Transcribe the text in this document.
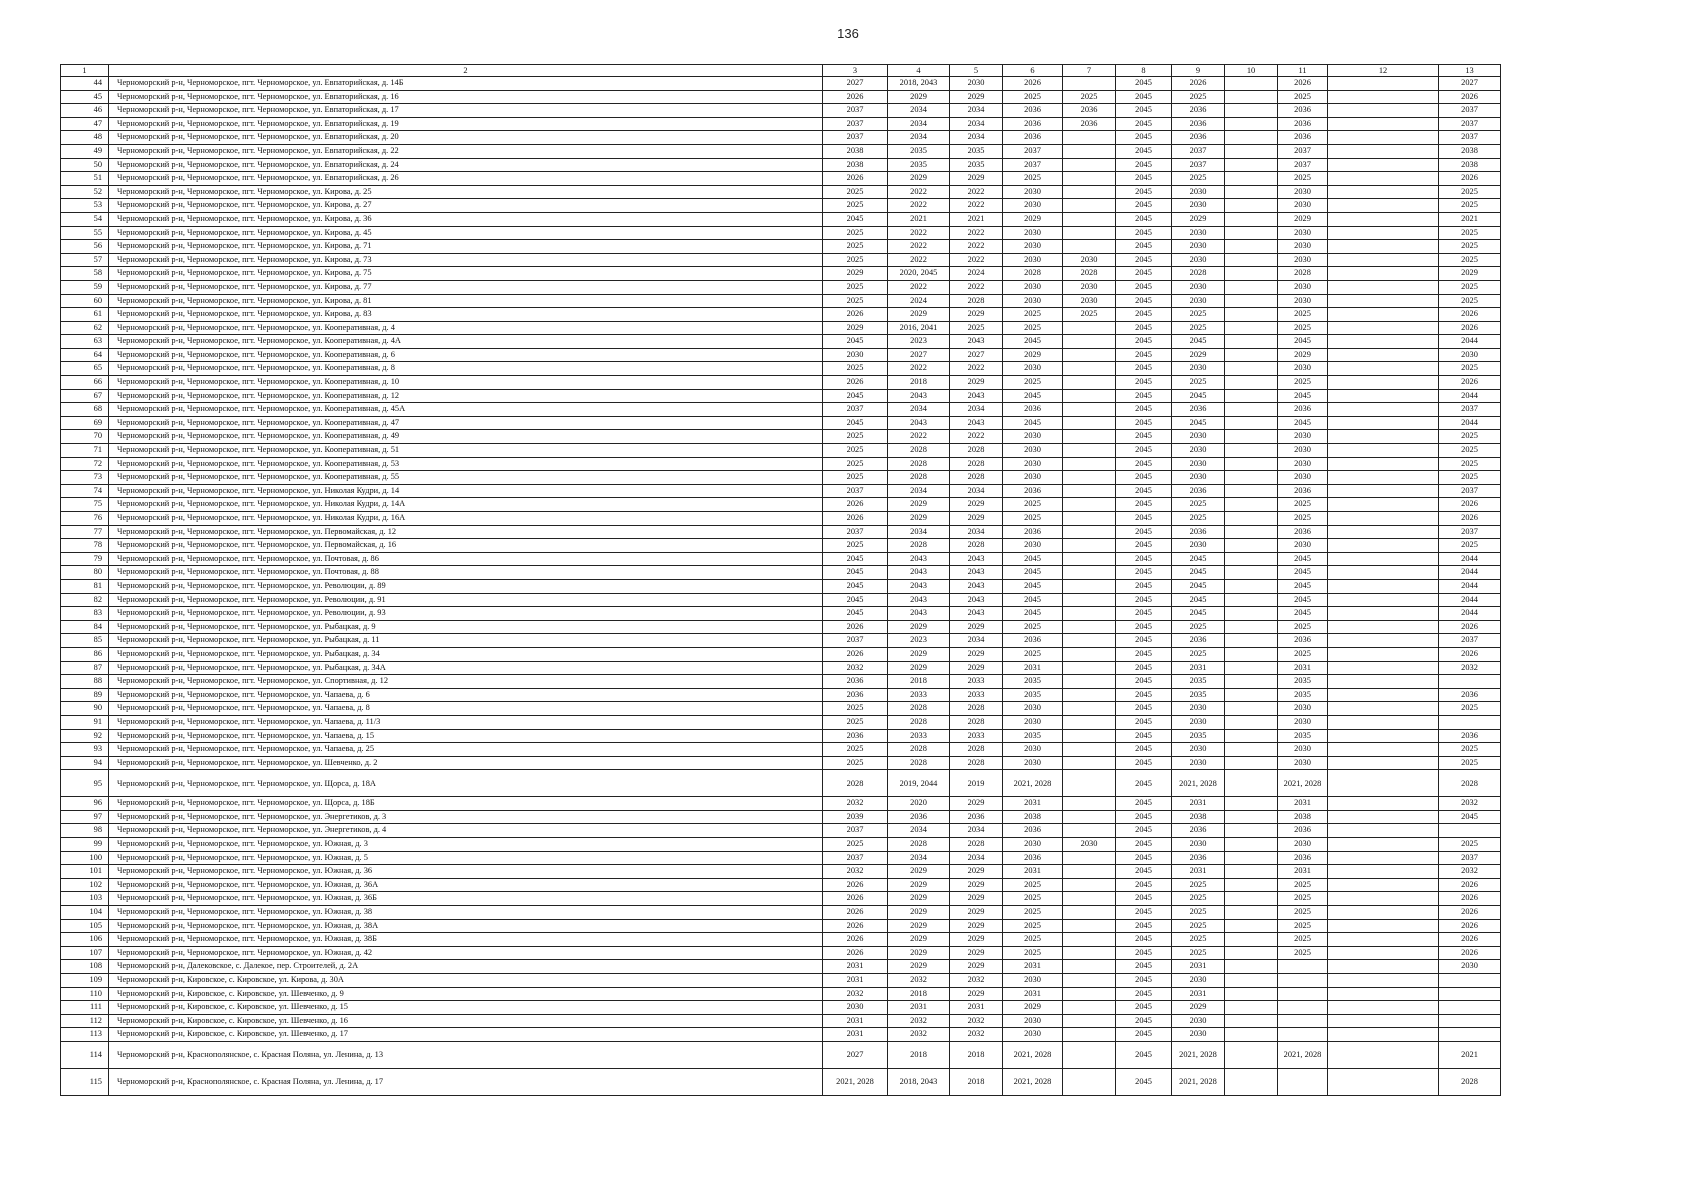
136
1	2	3	4	5	6	7	8	9	10	11	12	13
44	Черноморский р-н, Черноморское, пгт. Черноморское, ул. Евпаторийская, д. 14Б	2027	2018, 2043	2030	2026		2045	2026		2026		2027
45	Черноморский р-н, Черноморское, пгт. Черноморское, ул. Евпаторийская, д. 16	2026	2029	2029	2025	2025	2045	2025		2025		2026
46	Черноморский р-н, Черноморское, пгт. Черноморское, ул. Евпаторийская, д. 17	2037	2034	2034	2036	2036	2045	2036		2036		2037
47	Черноморский р-н, Черноморское, пгт. Черноморское, ул. Евпаторийская, д. 19	2037	2034	2034	2036	2036	2045	2036		2036		2037
48	Черноморский р-н, Черноморское, пгт. Черноморское, ул. Евпаторийская, д. 20	2037	2034	2034	2036		2045	2036		2036		2037
49	Черноморский р-н, Черноморское, пгт. Черноморское, ул. Евпаторийская, д. 22	2038	2035	2035	2037		2045	2037		2037		2038
50	Черноморский р-н, Черноморское, пгт. Черноморское, ул. Евпаторийская, д. 24	2038	2035	2035	2037		2045	2037		2037		2038
51	Черноморский р-н, Черноморское, пгт. Черноморское, ул. Евпаторийская, д. 26	2026	2029	2029	2025		2045	2025		2025		2026
52	Черноморский р-н, Черноморское, пгт. Черноморское, ул. Кирова, д. 25	2025	2022	2022	2030		2045	2030		2030		2025
53	Черноморский р-н, Черноморское, пгт. Черноморское, ул. Кирова, д. 27	2025	2022	2022	2030		2045	2030		2030		2025
54	Черноморский р-н, Черноморское, пгт. Черноморское, ул. Кирова, д. 36	2045	2021	2021	2029		2045	2029		2029		2021
55	Черноморский р-н, Черноморское, пгт. Черноморское, ул. Кирова, д. 45	2025	2022	2022	2030		2045	2030		2030		2025
56	Черноморский р-н, Черноморское, пгт. Черноморское, ул. Кирова, д. 71	2025	2022	2022	2030		2045	2030		2030		2025
57	Черноморский р-н, Черноморское, пгт. Черноморское, ул. Кирова, д. 73	2025	2022	2022	2030	2030	2045	2030		2030		2025
58	Черноморский р-н, Черноморское, пгт. Черноморское, ул. Кирова, д. 75	2029	2020, 2045	2024	2028	2028	2045	2028		2028		2029
59	Черноморский р-н, Черноморское, пгт. Черноморское, ул. Кирова, д. 77	2025	2022	2022	2030	2030	2045	2030		2030		2025
60	Черноморский р-н, Черноморское, пгт. Черноморское, ул. Кирова, д. 81	2025	2024	2028	2030	2030	2045	2030		2030		2025
61	Черноморский р-н, Черноморское, пгт. Черноморское, ул. Кирова, д. 83	2026	2029	2029	2025	2025	2045	2025		2025		2026
62	Черноморский р-н, Черноморское, пгт. Черноморское, ул. Кооперативная, д. 4	2029	2016, 2041	2025	2025		2045	2025		2025		2026
63	Черноморский р-н, Черноморское, пгт. Черноморское, ул. Кооперативная, д. 4А	2045	2023	2043	2045		2045	2045		2045		2044
64	Черноморский р-н, Черноморское, пгт. Черноморское, ул. Кооперативная, д. 6	2030	2027	2027	2029		2045	2029		2029		2030
65	Черноморский р-н, Черноморское, пгт. Черноморское, ул. Кооперативная, д. 8	2025	2022	2022	2030		2045	2030		2030		2025
66	Черноморский р-н, Черноморское, пгт. Черноморское, ул. Кооперативная, д. 10	2026	2018	2029	2025		2045	2025		2025		2026
67	Черноморский р-н, Черноморское, пгт. Черноморское, ул. Кооперативная, д. 12	2045	2043	2043	2045		2045	2045		2045		2044
68	Черноморский р-н, Черноморское, пгт. Черноморское, ул. Кооперативная, д. 45А	2037	2034	2034	2036		2045	2036		2036		2037
69	Черноморский р-н, Черноморское, пгт. Черноморское, ул. Кооперативная, д. 47	2045	2043	2043	2045		2045	2045		2045		2044
70	Черноморский р-н, Черноморское, пгт. Черноморское, ул. Кооперативная, д. 49	2025	2022	2022	2030		2045	2030		2030		2025
71	Черноморский р-н, Черноморское, пгт. Черноморское, ул. Кооперативная, д. 51	2025	2028	2028	2030		2045	2030		2030		2025
72	Черноморский р-н, Черноморское, пгт. Черноморское, ул. Кооперативная, д. 53	2025	2028	2028	2030		2045	2030		2030		2025
73	Черноморский р-н, Черноморское, пгт. Черноморское, ул. Кооперативная, д. 55	2025	2028	2028	2030		2045	2030		2030		2025
74	Черноморский р-н, Черноморское, пгт. Черноморское, ул. Николая Кудри, д. 14	2037	2034	2034	2036		2045	2036		2036		2037
75	Черноморский р-н, Черноморское, пгт. Черноморское, ул. Николая Кудри, д. 14А	2026	2029	2029	2025		2045	2025		2025		2026
76	Черноморский р-н, Черноморское, пгт. Черноморское, ул. Николая Кудри, д. 16А	2026	2029	2029	2025		2045	2025		2025		2026
77	Черноморский р-н, Черноморское, пгт. Черноморское, ул. Первомайская, д. 12	2037	2034	2034	2036		2045	2036		2036		2037
78	Черноморский р-н, Черноморское, пгт. Черноморское, ул. Первомайская, д. 16	2025	2028	2028	2030		2045	2030		2030		2025
79	Черноморский р-н, Черноморское, пгт. Черноморское, ул. Почтовая, д. 86	2045	2043	2043	2045		2045	2045		2045		2044
80	Черноморский р-н, Черноморское, пгт. Черноморское, ул. Почтовая, д. 88	2045	2043	2043	2045		2045	2045		2045		2044
81	Черноморский р-н, Черноморское, пгт. Черноморское, ул. Революции, д. 89	2045	2043	2043	2045		2045	2045		2045		2044
82	Черноморский р-н, Черноморское, пгт. Черноморское, ул. Революции, д. 91	2045	2043	2043	2045		2045	2045		2045		2044
83	Черноморский р-н, Черноморское, пгт. Черноморское, ул. Революции, д. 93	2045	2043	2043	2045		2045	2045		2045		2044
84	Черноморский р-н, Черноморское, пгт. Черноморское, ул. Рыбацкая, д. 9	2026	2029	2029	2025		2045	2025		2025		2026
85	Черноморский р-н, Черноморское, пгт. Черноморское, ул. Рыбацкая, д. 11	2037	2023	2034	2036		2045	2036		2036		2037
86	Черноморский р-н, Черноморское, пгт. Черноморское, ул. Рыбацкая, д. 34	2026	2029	2029	2025		2045	2025		2025		2026
87	Черноморский р-н, Черноморское, пгт. Черноморское, ул. Рыбацкая, д. 34А	2032	2029	2029	2031		2045	2031		2031		2032
88	Черноморский р-н, Черноморское, пгт. Черноморское, ул. Спортивная, д. 12	2036	2018	2033	2035		2045	2035		2035		
89	Черноморский р-н, Черноморское, пгт. Черноморское, ул. Чапаева, д. 6	2036	2033	2033	2035		2045	2035		2035		2036
90	Черноморский р-н, Черноморское, пгт. Черноморское, ул. Чапаева, д. 8	2025	2028	2028	2030		2045	2030		2030		2025
91	Черноморский р-н, Черноморское, пгт. Черноморское, ул. Чапаева, д. 11/3	2025	2028	2028	2030		2045	2030		2030		
92	Черноморский р-н, Черноморское, пгт. Черноморское, ул. Чапаева, д. 15	2036	2033	2033	2035		2045	2035		2035		2036
93	Черноморский р-н, Черноморское, пгт. Черноморское, ул. Чапаева, д. 25	2025	2028	2028	2030		2045	2030		2030		2025
94	Черноморский р-н, Черноморское, пгт. Черноморское, ул. Шевченко, д. 2	2025	2028	2028	2030		2045	2030		2030		2025
95	Черноморский р-н, Черноморское, пгт. Черноморское, ул. Щорса, д. 18А	2028	2019, 2044	2019	2021, 2028		2045	2021, 2028		2021, 2028		2028
96	Черноморский р-н, Черноморское, пгт. Черноморское, ул. Щорса, д. 18Б	2032	2020	2029	2031		2045	2031		2031		2032
97	Черноморский р-н, Черноморское, пгт. Черноморское, ул. Энергетиков, д. 3	2039	2036	2036	2038		2045	2038		2038		2045
98	Черноморский р-н, Черноморское, пгт. Черноморское, ул. Энергетиков, д. 4	2037	2034	2034	2036		2045	2036		2036		
99	Черноморский р-н, Черноморское, пгт. Черноморское, ул. Южная, д. 3	2025	2028	2028	2030	2030	2045	2030		2030		2025
100	Черноморский р-н, Черноморское, пгт. Черноморское, ул. Южная, д. 5	2037	2034	2034	2036		2045	2036		2036		2037
101	Черноморский р-н, Черноморское, пгт. Черноморское, ул. Южная, д. 36	2032	2029	2029	2031		2045	2031		2031		2032
102	Черноморский р-н, Черноморское, пгт. Черноморское, ул. Южная, д. 36А	2026	2029	2029	2025		2045	2025		2025		2026
103	Черноморский р-н, Черноморское, пгт. Черноморское, ул. Южная, д. 36Б	2026	2029	2029	2025		2045	2025		2025		2026
104	Черноморский р-н, Черноморское, пгт. Черноморское, ул. Южная, д. 38	2026	2029	2029	2025		2045	2025		2025		2026
105	Черноморский р-н, Черноморское, пгт. Черноморское, ул. Южная, д. 38А	2026	2029	2029	2025		2045	2025		2025		2026
106	Черноморский р-н, Черноморское, пгт. Черноморское, ул. Южная, д. 38Б	2026	2029	2029	2025		2045	2025		2025		2026
107	Черноморский р-н, Черноморское, пгт. Черноморское, ул. Южная, д. 42	2026	2029	2029	2025		2045	2025		2025		2026
108	Черноморский р-н, Далековское, с. Далекое, пер. Строителей, д. 2А	2031	2029	2029	2031		2045	2031				2030
109	Черноморский р-н, Кировское, с. Кировское, ул. Кирова, д. 30А	2031	2032	2032	2030		2045	2030				
110	Черноморский р-н, Кировское, с. Кировское, ул. Шевченко, д. 9	2032	2018	2029	2031		2045	2031				
111	Черноморский р-н, Кировское, с. Кировское, ул. Шевченко, д. 15	2030	2031	2031	2029		2045	2029				
112	Черноморский р-н, Кировское, с. Кировское, ул. Шевченко, д. 16	2031	2032	2032	2030		2045	2030				
113	Черноморский р-н, Кировское, с. Кировское, ул. Шевченко, д. 17	2031	2032	2032	2030		2045	2030				
114	Черноморский р-н, Краснополянское, с. Красная Поляна, ул. Ленина, д. 13	2027	2018	2018	2021, 2028		2045	2021, 2028		2021, 2028		2021
115	Черноморский р-н, Краснополянское, с. Красная Поляна, ул. Ленина, д. 17	2021, 2028	2018, 2043	2018	2021, 2028		2045	2021, 2028				2028
